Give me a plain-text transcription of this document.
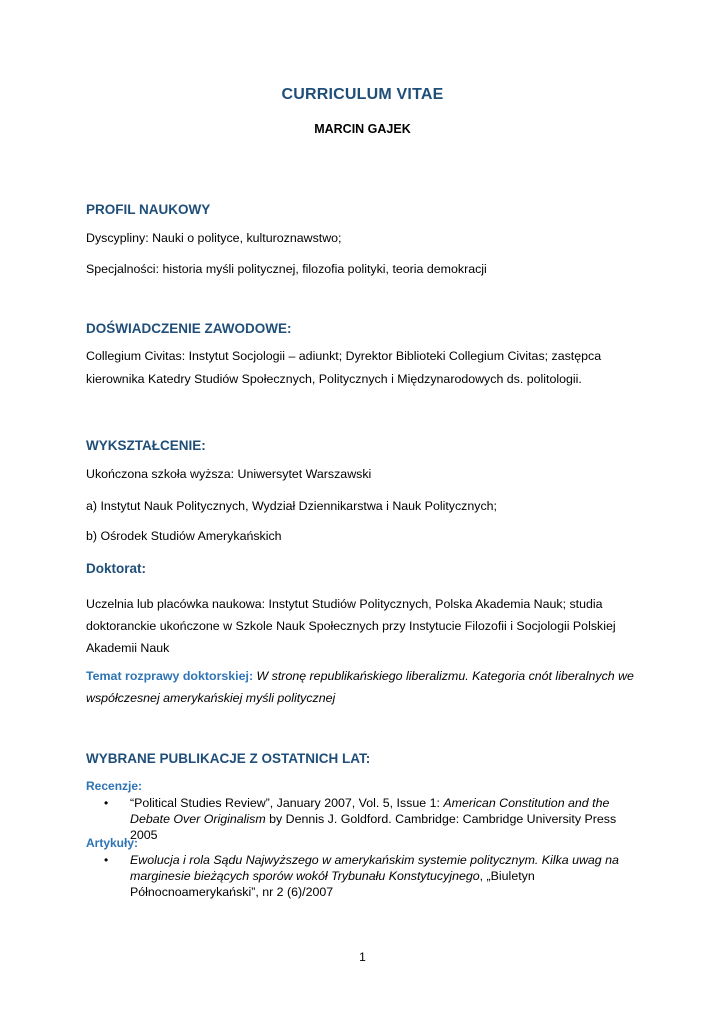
CURRICULUM VITAE
MARCIN GAJEK
PROFIL NAUKOWY
Dyscypliny: Nauki o polityce, kulturoznawstwo;
Specjalności: historia myśli politycznej, filozofia polityki, teoria demokracji
DOŚWIADCZENIE ZAWODOWE:
Collegium Civitas: Instytut Socjologii – adiunkt; Dyrektor Biblioteki Collegium Civitas; zastępca
kierownika Katedry Studiów Społecznych, Politycznych i Międzynarodowych ds. politologii.
WYKSZTAŁCENIE:
Ukończona szkoła wyższa: Uniwersytet Warszawski
a) Instytut Nauk Politycznych, Wydział Dziennikarstwa i Nauk Politycznych;
b) Ośrodek Studiów Amerykańskich
Doktorat:
Uczelnia lub placówka naukowa: Instytut Studiów Politycznych, Polska Akademia Nauk; studia
doktoranckie ukończone w Szkole Nauk Społecznych przy Instytucie Filozofii i Socjologii Polskiej
Akademii Nauk
Temat rozprawy doktorskiej: W stronę republikańskiego liberalizmu. Kategoria cnót liberalnych we
współczesnej amerykańskiej myśli politycznej
WYBRANE PUBLIKACJE Z OSTATNICH LAT:
Recenzje:
• “Political Studies Review”, January 2007, Vol. 5, Issue 1: American Constitution and the Debate Over Originalism by Dennis J. Goldford. Cambridge: Cambridge University Press 2005
Artykuły:
• Ewolucja i rola Sądu Najwyższego w amerykańskim systemie politycznym. Kilka uwag na marginesie bieżących sporów wokół Trybunału Konstytucyjnego, „Biuletyn Północnoamerykański”, nr 2 (6)/2007
1
